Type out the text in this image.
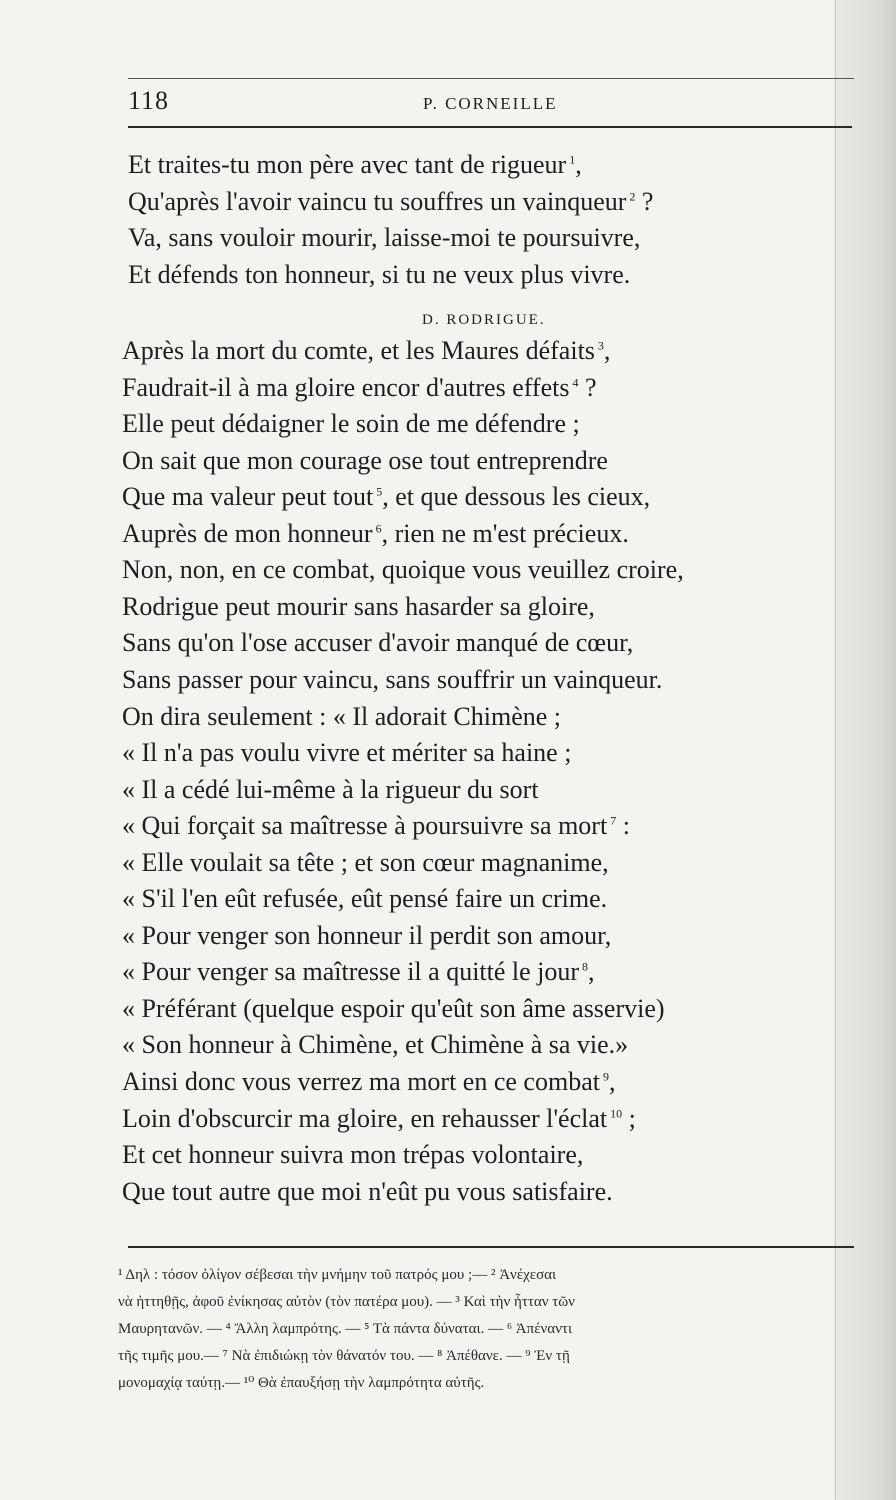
118	P. CORNEILLE
D. RODRIGUE.
Et traites-tu mon père avec tant de rigueur $^1$,
Qu'après l'avoir vaincu tu souffres un vainqueur $^2$ ?
Va, sans vouloir mourir, laisse-moi te poursuivre,
Et défends ton honneur, si tu ne veux plus vivre.
Après la mort du comte, et les Maures défaits $^3$,
Faudrait-il à ma gloire encor d'autres effets $^4$ ?
Elle peut dédaigner le soin de me défendre ;
On sait que mon courage ose tout entreprendre
Que ma valeur peut tout $^5$, et que dessous les cieux,
Auprès de mon honneur $^6$, rien ne m'est précieux.
Non, non, en ce combat, quoique vous veuillez croire,
Rodrigue peut mourir sans hasarder sa gloire,
Sans qu'on l'ose accuser d'avoir manqué de cœur,
Sans passer pour vaincu, sans souffrir un vainqueur.
On dira seulement : « Il adorait Chimène ;
« Il n'a pas voulu vivre et mériter sa haine ;
« Il a cédé lui-même à la rigueur du sort
« Qui forçait sa maîtresse à poursuivre sa mort $^7$ :
« Elle voulait sa tête ; et son cœur magnanime,
« S'il l'en eût refusée, eût pensé faire un crime.
« Pour venger son honneur il perdit son amour,
« Pour venger sa maîtresse il a quitté le jour $^8$,
« Préférant (quelque espoir qu'eût son âme asservie)
« Son honneur à Chimène, et Chimène à sa vie.»
Ainsi donc vous verrez ma mort en ce combat $^9$,
Loin d'obscurcir ma gloire, en rehausser l'éclat $^{10}$ ;
Et cet honneur suivra mon trépas volontaire,
Que tout autre que moi n'eût pu vous satisfaire.
¹ Δηλ : τόσον ὀλίγον σέβεσαι τὴν μνήμην τοῦ πατρός μου ;— ² Ἀνέχεσαι
νὰ ἡττηθῇς, ἀφοῦ ἐνίκησας αὐτὸν (τὸν πατέρα μου). — ³ Καὶ τὴν ἧτταν τῶν
Μαυρητανῶν. — ⁴ Ἄλλη λαμπρότης. — ⁵ Τὰ πάντα δύναται. — ⁶ Ἀπέναντι
τῆς τιμῆς μου.— ⁷ Νὰ ἐπιδιώκῃ τὸν θάνατόν του. — ⁸ Ἀπέθανε. — ⁹ Ἐν τῇ
μονομαχίᾳ ταύτῃ.— ¹⁰ Θὰ ἐπαυξήσῃ τὴν λαμπρότητα αὐτῆς.
